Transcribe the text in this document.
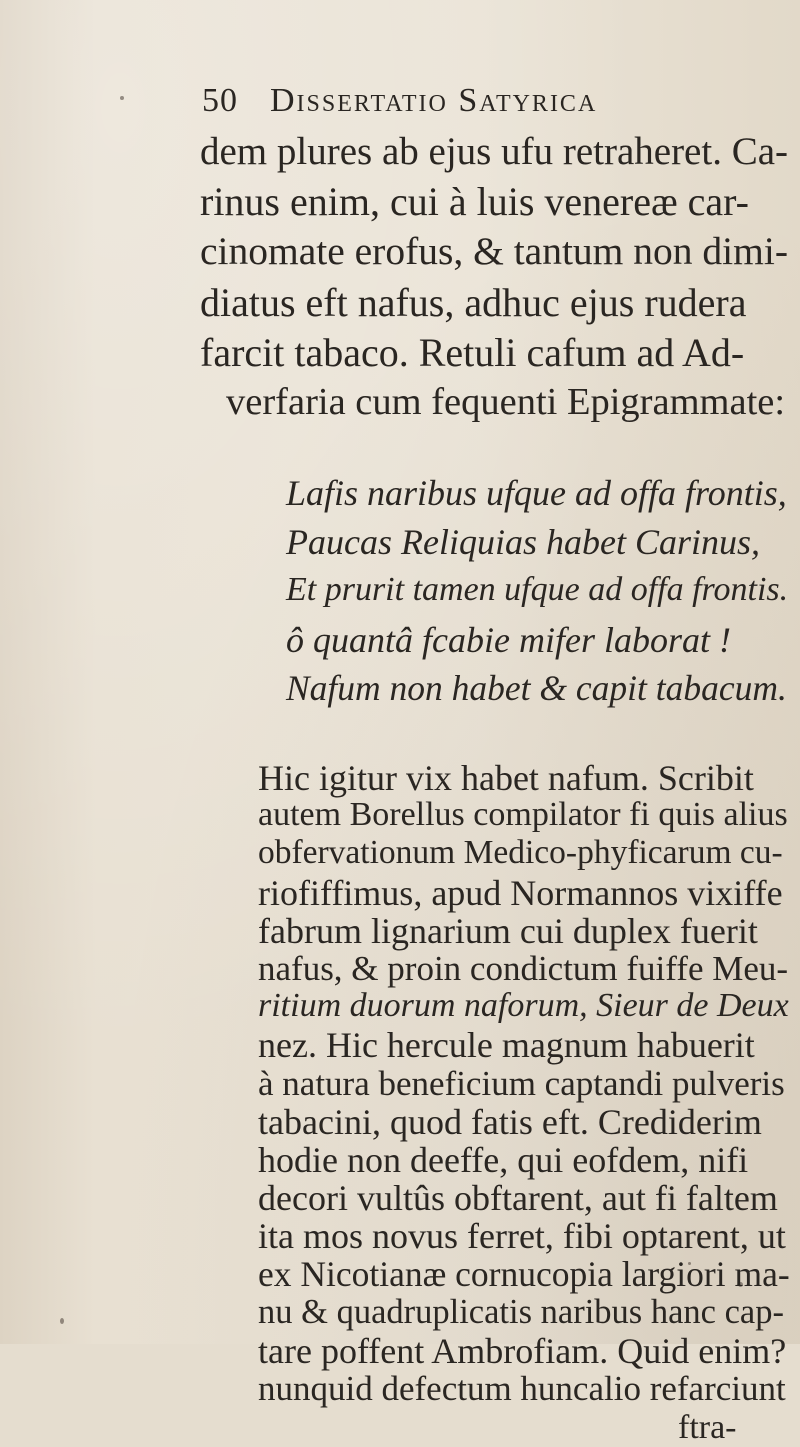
50 Dissertatio Satyrica
dem plures ab ejus ufu retraheret. Ca-
rinus enim, cui à luis venereæ car-
cinomate erofus, & tantum non dimi-
diatus eft nafus, adhuc ejus rudera
farcit tabaco. Retuli cafum ad Ad-
verfaria cum fequenti Epigrammate:
Lafis naribus ufque ad offa frontis,
Paucas Reliquias habet Carinus,
Et prurit tamen ufque ad offa frontis.
ô quantâ fcabie mifer laborat !
Nafum non habet & capit tabacum.
Hic igitur vix habet nafum. Scribit
autem Borellus compilator fi quis alius
obfervationum Medico-phyficarum cu-
riofiffimus, apud Normannos vixiffe
fabrum lignarium cui duplex fuerit
nafus, & proin condictum fuiffe Meu-
ritium duorum naforum, Sieur de Deux
nez. Hic hercule magnum habuerit
à natura beneficium captandi pulveris
tabacini, quod fatis eft. Crediderim
hodie non deeffe, qui eofdem, nifi
decori vultûs obftarent, aut fi faltem
ita mos novus ferret, fibi optarent, ut
ex Nicotianæ cornucopia largiori ma-
nu & quadruplicatis naribus hanc cap-
tare poffent Ambrofiam. Quid enim?
nunquid defectum huncalio refarciunt
ftra-
